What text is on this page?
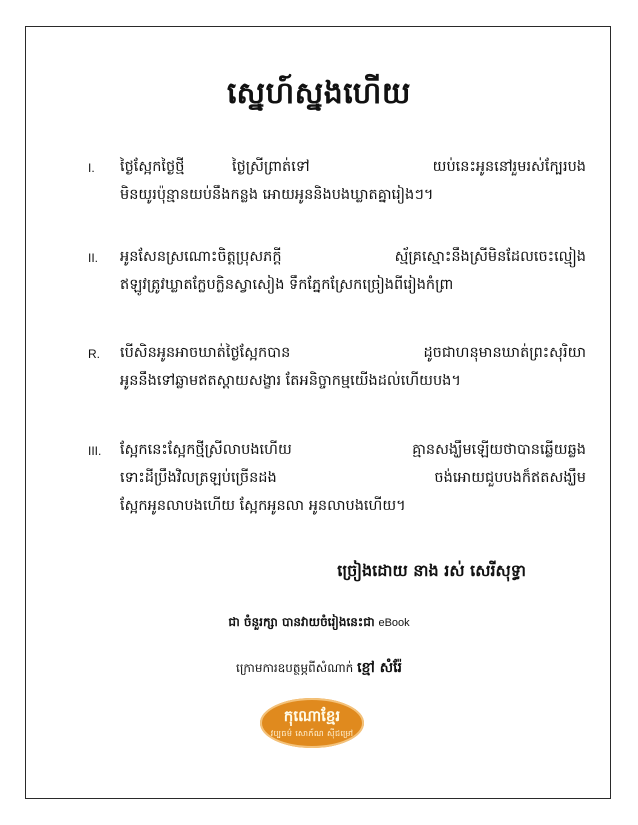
ស្នេហ៍ស្នងហើយ
I.	ថ្ងៃស្អែកថ្ងៃថ្មី	ថ្ងៃស្រីព្រាត់ទៅ	យប់នេះអូននៅរួមរស់ក្បែរបង
មិនយូរប៉ុន្មានយប់នឹងកន្លង អោយអូននិងបងឃ្លាតគ្នារៀងៗ។
II.	អូនសែនស្រណោះចិត្តប្រុសភក្តី	ស្ម័គ្រស្មោះនឹងស្រីមិនដែលចេះល្មៀង
ឥឡូវត្រូវឃ្លាតក្លែបក្លិនស្វាសៀង ទឹកភ្នែកស្រែកច្រៀងពីរៀងកំព្រា
R.	បើសិនអូនអាចឃាត់ថ្ងៃស្អែកបាន	ដូចជាហនុមានឃាត់ព្រះសុរិយា
អូននឹងទៅឆ្លាមឥតស្តាយសង្ខារ តែអនិច្ចាកម្មយើងដល់ហើយបង។
III.	ស្អែកនេះស្អែកថ្មីស្រីលាបងហើយ	គ្មានសង្ឃឹមឡើយថាបានឆ្លើយឆ្លង
ទោះដីប្រឹងវិលត្រឡប់ច្រើនដង	ចង់អោយជួបបងក៏ឥតសង្ឃឹម
ស្អែកអូនលាបងហើយ ស្អែកអូនលា អូនលាបងហើយ។
ច្រៀងដោយ នាង រស់ សេរីសុទ្ធា
ជា ចំនួរក្សា បានវាយចំរៀងនេះជា eBook
ក្រោមការឧបត្ថម្ភពីសំណាក់ ខ្មៅ សំរ៉ែ
កុណោខ្មែរ
វប្បធម៌ សោភ័ណ ស៊ីជម្រៅ
